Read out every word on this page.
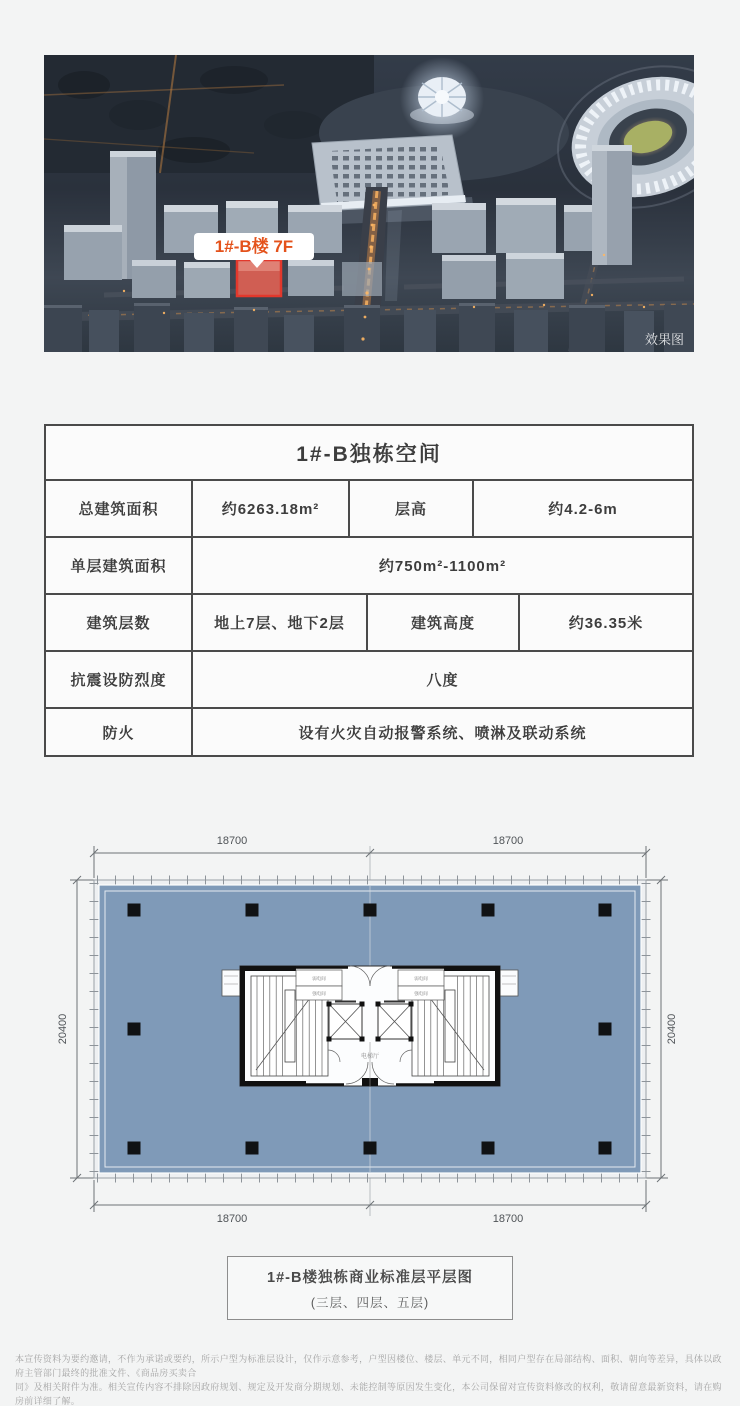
1#-B楼 7F
效果图
1#-B独栋空间
总建筑面积	约6263.18m²	层高	约4.2-6m
单层建筑面积	约750m²-1100m²
建筑层数	地上7层、地下2层	建筑高度	约36.35米
抗震设防烈度	八度
防火	设有火灾自动报警系统、喷淋及联动系统
18700	18700
18700	18700
20400	20400
弱电间
强电间
弱电间
强电间
电梯厅
1#-B楼独栋商业标准层平层图
(三层、四层、五层)
本宣传资料为要约邀请，不作为承诺或要约，所示户型为标准层设计，仅作示意参考，户型因楼位、楼层、单元不同，相同户型存在局部结构、面积、朝向等差异，具体以政府主管部门最终的批准文件、《商品房买卖合
同》及相关附件为准。相关宣传内容不排除因政府规划、规定及开发商分期规划、未能控制等原因发生变化，本公司保留对宣传资料修改的权利，敬请留意最新资料，请在购房前详细了解。
